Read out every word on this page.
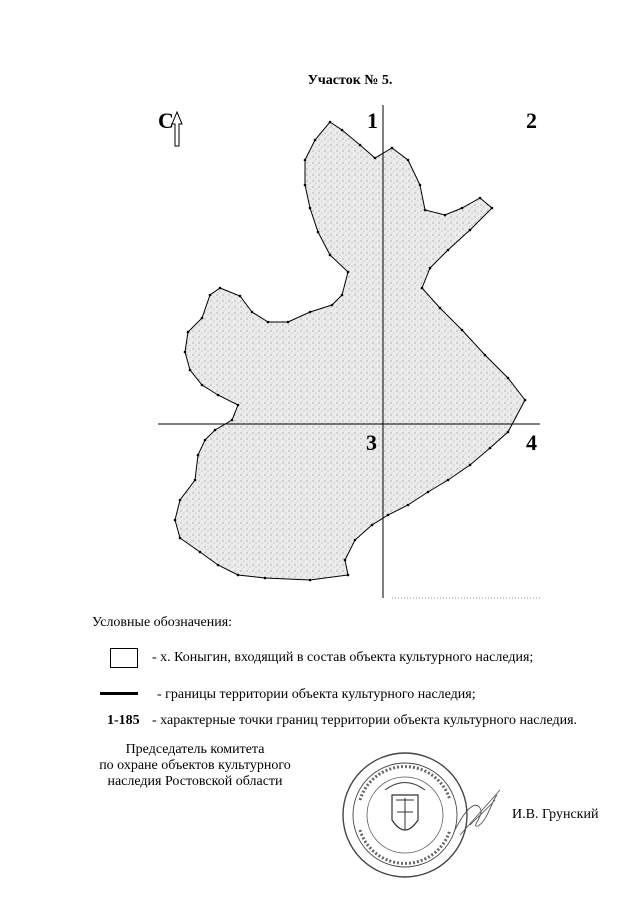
Участок № 5.
С	1	2
3	4
Условные обозначения:
- х. Коныгин, входящий в состав объекта культурного наследия;
- границы территории объекта культурного наследия;
1-185 - характерные точки границ территории объекта культурного наследия.
Председатель комитета
по охране объектов культурного
наследия Ростовской области
И.В. Грунский
